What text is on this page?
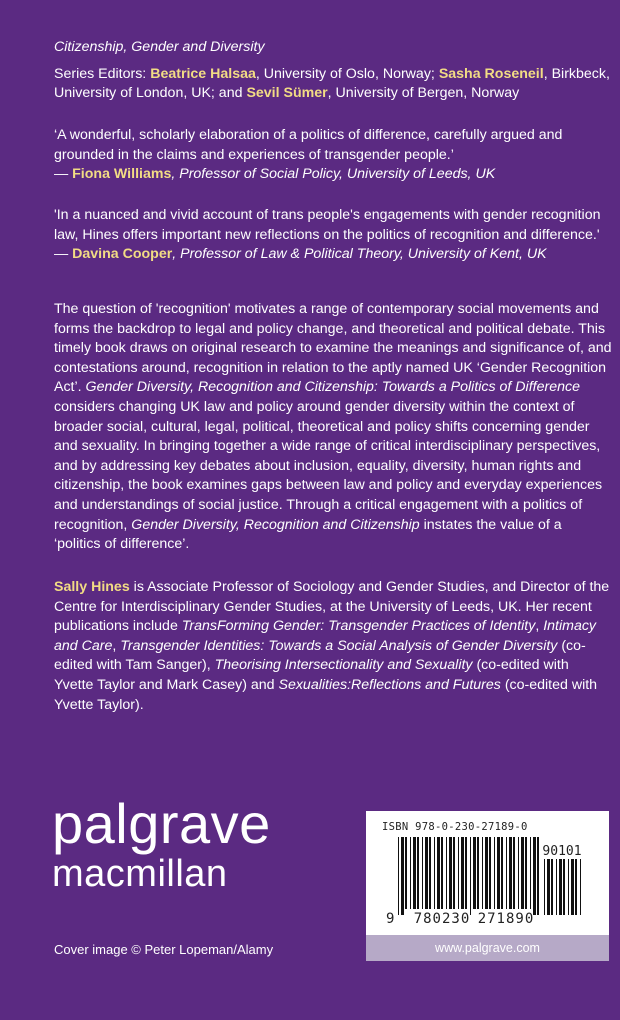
Citizenship, Gender and Diversity
Series Editors: Beatrice Halsaa, University of Oslo, Norway; Sasha Roseneil, Birkbeck, University of London, UK; and Sevil Sümer, University of Bergen, Norway
‘A wonderful, scholarly elaboration of a politics of difference, carefully argued and grounded in the claims and experiences of transgender people.’
— Fiona Williams, Professor of Social Policy, University of Leeds, UK
'In a nuanced and vivid account of trans people's engagements with gender recognition law, Hines offers important new reflections on the politics of recognition and difference.'
— Davina Cooper, Professor of Law & Political Theory, University of Kent, UK
The question of 'recognition' motivates a range of contemporary social movements and forms the backdrop to legal and policy change, and theoretical and political debate. This timely book draws on original research to examine the meanings and significance of, and contestations around, recognition in relation to the aptly named UK ‘Gender Recognition Act’. Gender Diversity, Recognition and Citizenship: Towards a Politics of Difference considers changing UK law and policy around gender diversity within the context of broader social, cultural, legal, political, theoretical and policy shifts concerning gender and sexuality. In bringing together a wide range of critical interdisciplinary perspectives, and by addressing key debates about inclusion, equality, diversity, human rights and citizenship, the book examines gaps between law and policy and everyday experiences and understandings of social justice. Through a critical engagement with a politics of recognition, Gender Diversity, Recognition and Citizenship instates the value of a ‘politics of difference’.
Sally Hines is Associate Professor of Sociology and Gender Studies, and Director of the Centre for Interdisciplinary Gender Studies, at the University of Leeds, UK. Her recent publications include TransForming Gender: Transgender Practices of Identity, Intimacy and Care, Transgender Identities: Towards a Social Analysis of Gender Diversity (co-edited with Tam Sanger), Theorising Intersectionality and Sexuality (co-edited with Yvette Taylor and Mark Casey) and Sexualities:Reflections and Futures (co-edited with Yvette Taylor).
palgrave
macmillan
Cover image © Peter Lopeman/Alamy
ISBN 978-0-230-27189-0
90101
9 780230 271890
www.palgrave.com
